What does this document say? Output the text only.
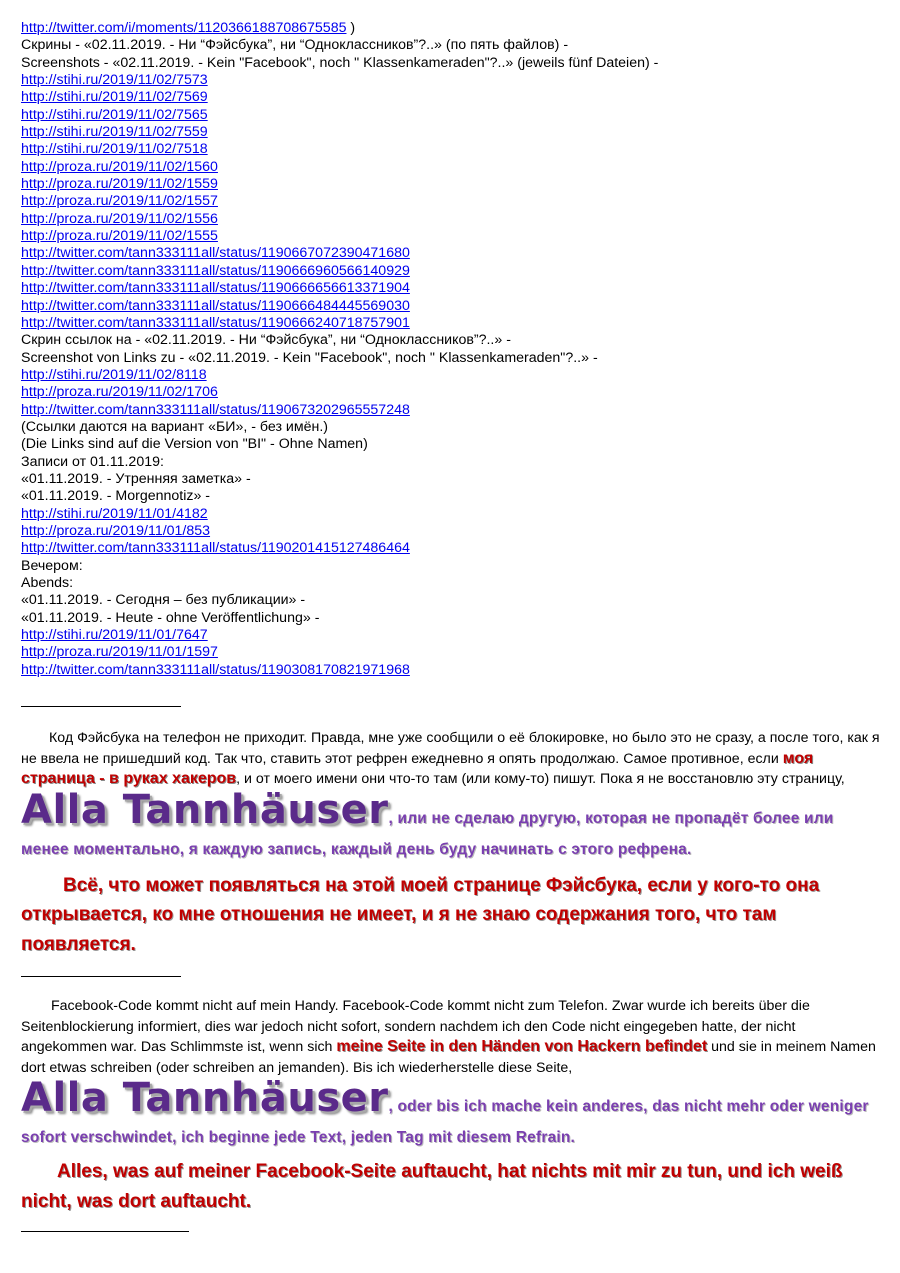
http://twitter.com/i/moments/1120366188708675585 )
Скрины - «02.11.2019. - Ни “Фэйсбука”, ни “Одноклассников”?..» (по пять файлов) -
Screenshots - «02.11.2019. - Kein "Facebook", noch " Klassenkameraden"?..» (jeweils fünf Dateien) -
http://stihi.ru/2019/11/02/7573
http://stihi.ru/2019/11/02/7569
http://stihi.ru/2019/11/02/7565
http://stihi.ru/2019/11/02/7559
http://stihi.ru/2019/11/02/7518
http://proza.ru/2019/11/02/1560
http://proza.ru/2019/11/02/1559
http://proza.ru/2019/11/02/1557
http://proza.ru/2019/11/02/1556
http://proza.ru/2019/11/02/1555
http://twitter.com/tann333111all/status/1190667072390471680
http://twitter.com/tann333111all/status/1190666960566140929
http://twitter.com/tann333111all/status/1190666656613371904
http://twitter.com/tann333111all/status/1190666484445569030
http://twitter.com/tann333111all/status/1190666240718757901
Скрин ссылок на - «02.11.2019. - Ни “Фэйсбука”, ни “Одноклассников”?..» -
Screenshot von Links zu - «02.11.2019. - Kein "Facebook", noch " Klassenkameraden"?..» -
http://stihi.ru/2019/11/02/8118
http://proza.ru/2019/11/02/1706
http://twitter.com/tann333111all/status/1190673202965557248
(Ссылки даются на вариант «БИ», - без имён.)
(Die Links sind auf die Version von "BI" - Ohne Namen)
Записи от 01.11.2019:
«01.11.2019. - Утренняя заметка» -
«01.11.2019. - Morgennotiz» -
http://stihi.ru/2019/11/01/4182
http://proza.ru/2019/11/01/853
http://twitter.com/tann333111all/status/1190201415127486464
Вечером:
Abends:
«01.11.2019. - Сегодня – без публикации» -
«01.11.2019. - Heute - ohne Veröffentlichung» -
http://stihi.ru/2019/11/01/7647
http://proza.ru/2019/11/01/1597
http://twitter.com/tann333111all/status/1190308170821971968
Код Фэйсбука на телефон не приходит. Правда, мне уже сообщили о её блокировке, но было это не сразу, а после того, как я не ввела не пришедший код. Так что, ставить этот рефрен ежедневно я опять продолжаю. Самое противное, если моя страница - в руках хакеров, и от моего имени они что-то там (или кому-то) пишут. Пока я не восстановлю эту страницу,
Alla Tannhäuser, или не сделаю другую, которая не пропадёт более или менее моментально, я каждую запись, каждый день буду начинать с этого рефрена.
Всё, что может появляться на этой моей странице Фэйсбука, если у кого-то она открывается, ко мне отношения не имеет, и я не знаю содержания того, что там появляется.
Facebook-Code kommt nicht auf mein Handy. Facebook-Code kommt nicht zum Telefon. Zwar wurde ich bereits über die Seitenblockierung informiert, dies war jedoch nicht sofort, sondern nachdem ich den Code nicht eingegeben hatte, der nicht angekommen war. Das Schlimmste ist, wenn sich meine Seite in den Händen von Hackern befindet und sie in meinem Namen dort etwas schreiben (oder schreiben an jemanden). Bis ich wiederherstelle diese Seite,
Alla Tannhäuser, oder bis ich mache kein anderes, das nicht mehr oder weniger sofort verschwindet, ich beginne jede Text, jeden Tag mit diesem Refrain.
Alles, was auf meiner Facebook-Seite auftaucht, hat nichts mit mir zu tun, und ich weiß nicht, was dort auftaucht.
